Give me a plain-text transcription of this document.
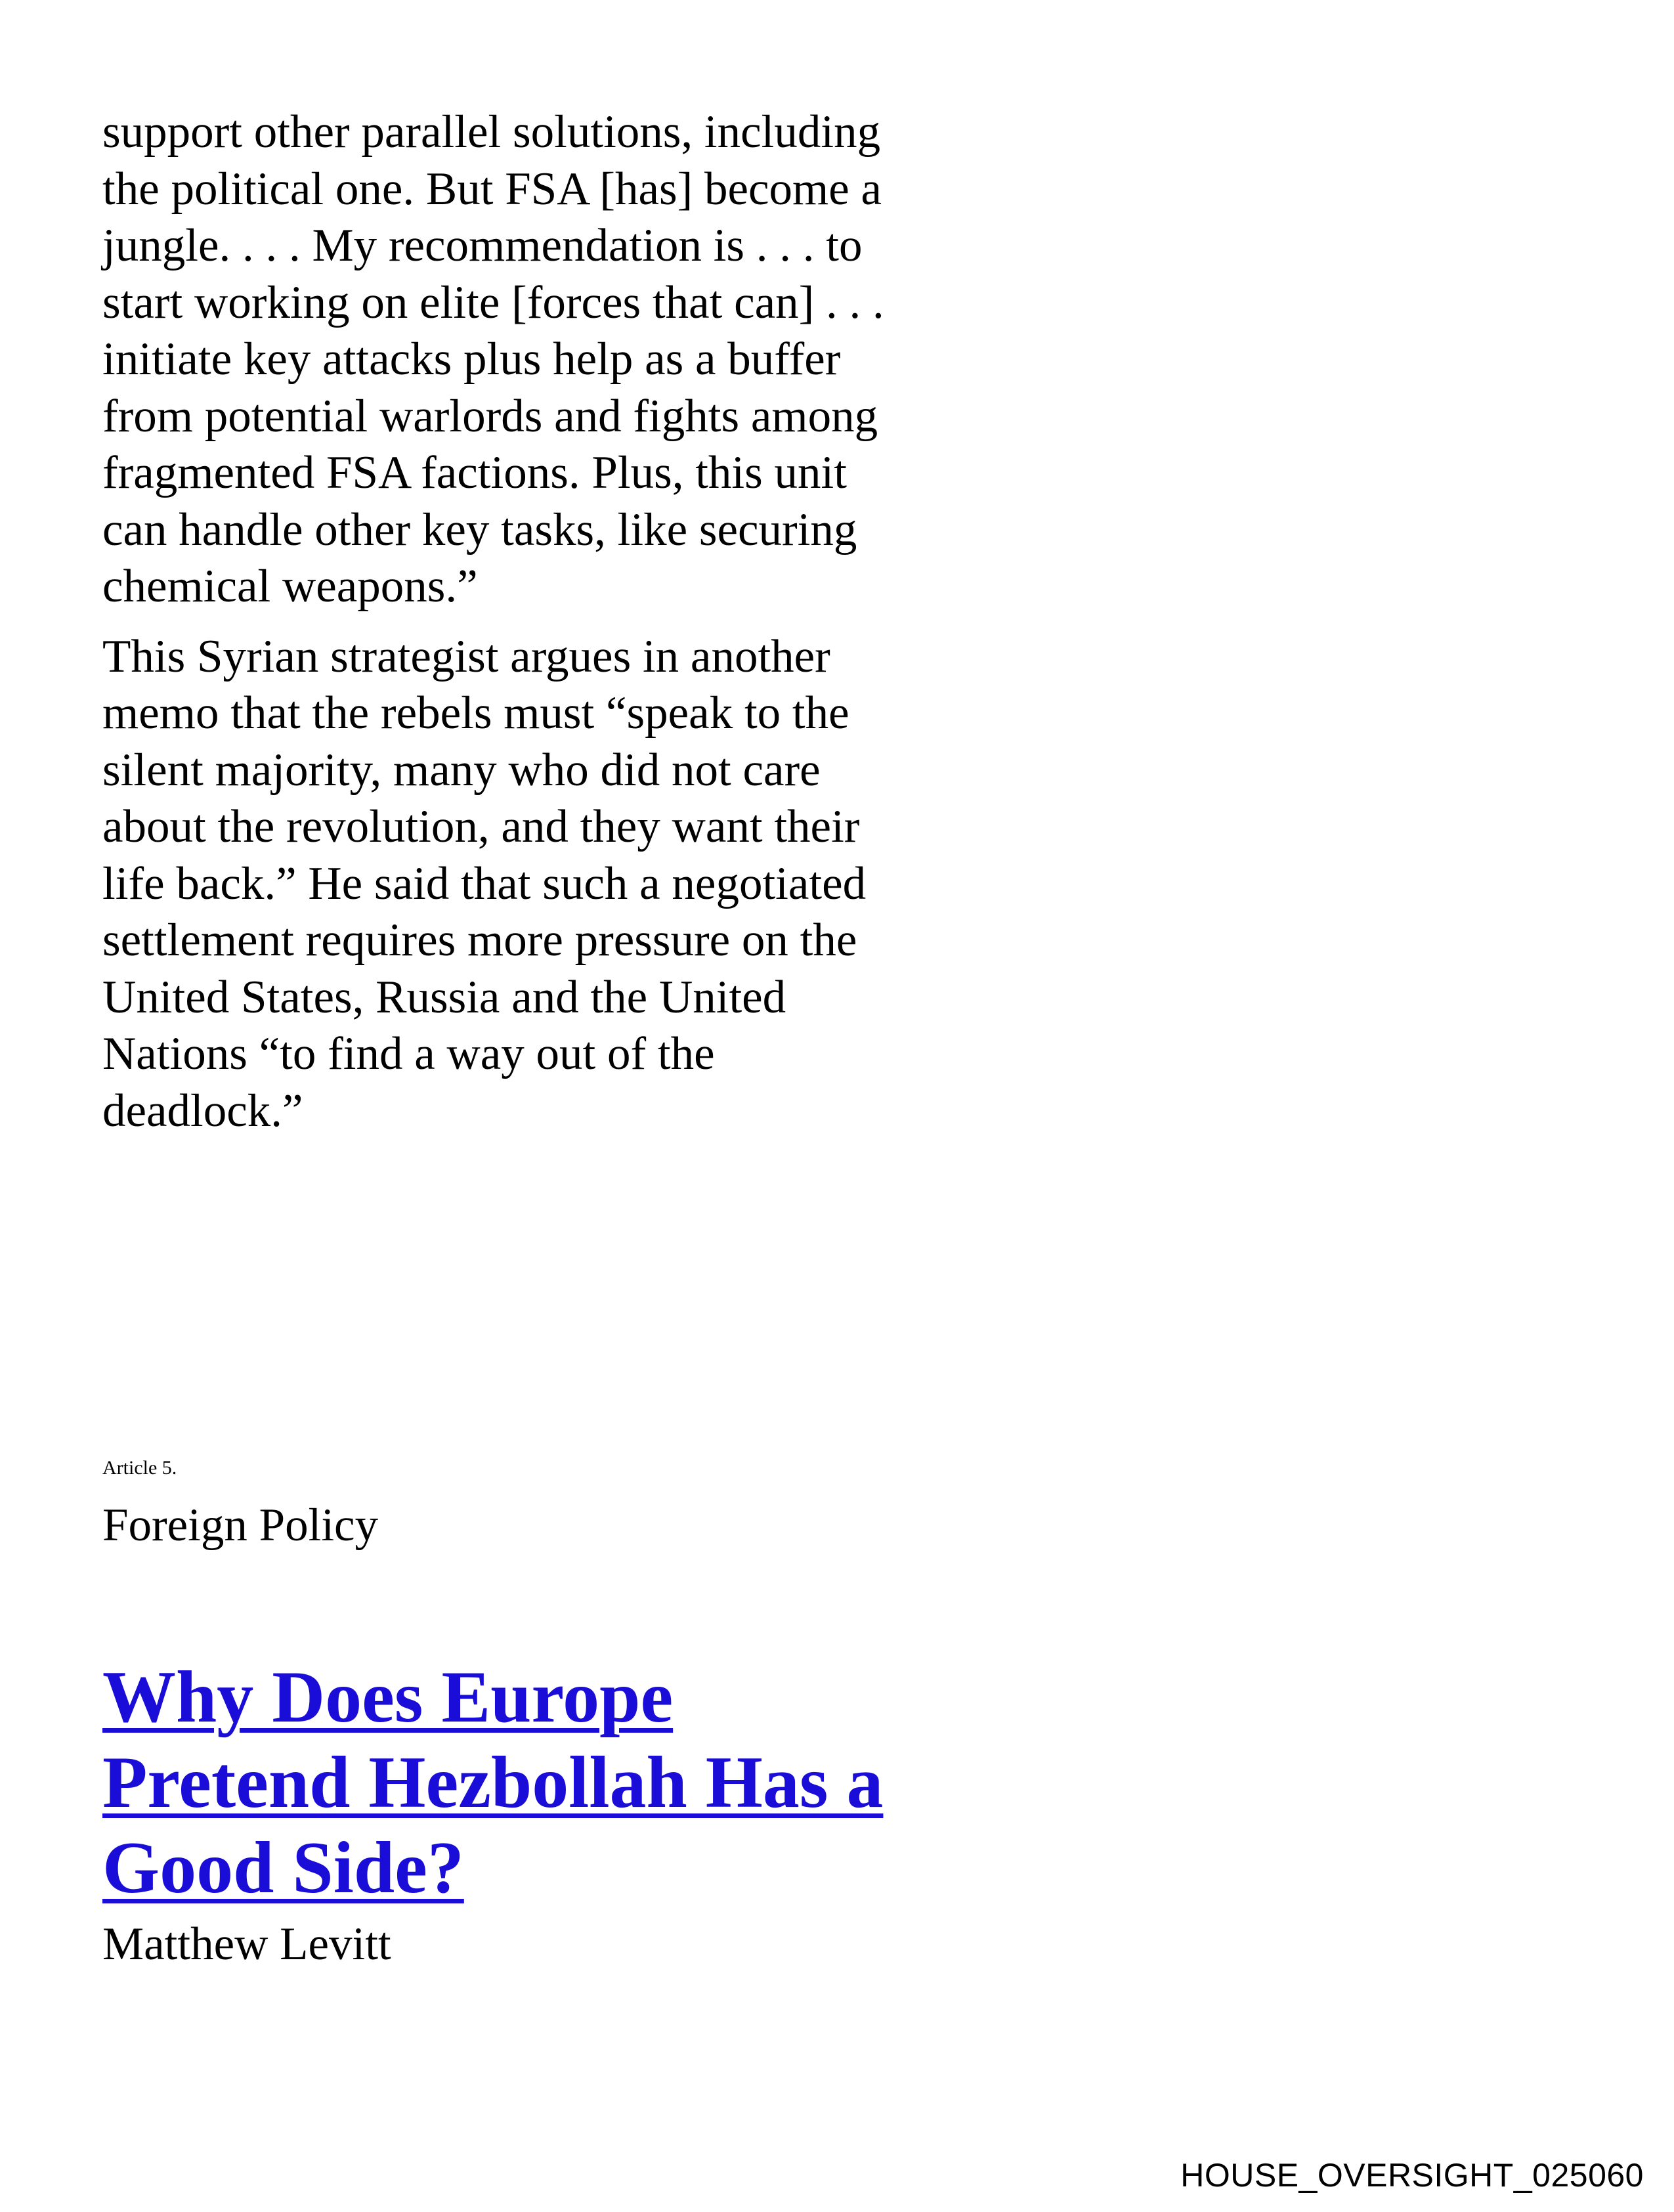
support other parallel solutions, including
the political one. But FSA [has] become a
jungle. . . . My recommendation is . . . to
start working on elite [forces that can] . . .
initiate key attacks plus help as a buffer
from potential warlords and fights among
fragmented FSA factions. Plus, this unit
can handle other key tasks, like securing
chemical weapons.”

This Syrian strategist argues in another
memo that the rebels must “speak to the
silent majority, many who did not care
about the revolution, and they want their
life back.” He said that such a negotiated
settlement requires more pressure on the
United States, Russia and the United
Nations “to find a way out of the
deadlock.”

Article 5.
Foreign Policy

Why Does Europe
Pretend Hezbollah Has a
Good Side?

Matthew Levitt
HOUSE_OVERSIGHT_025060
